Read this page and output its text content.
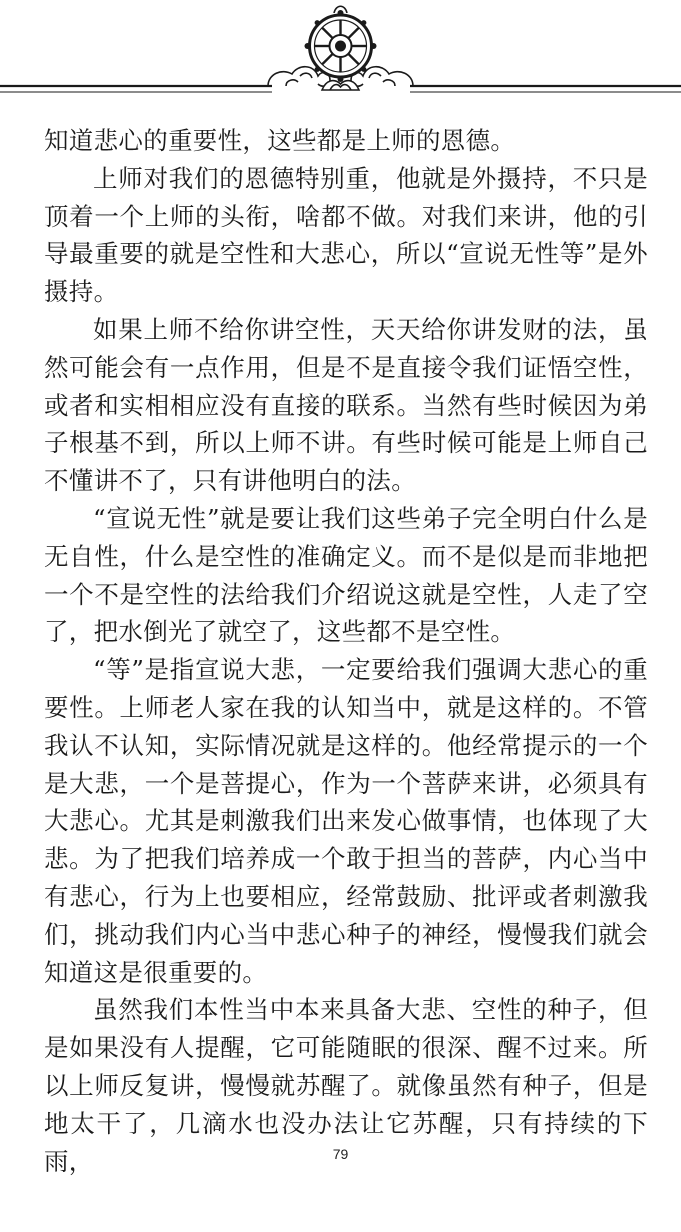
知道悲心的重要性，这些都是上师的恩德。

上师对我们的恩德特别重，他就是外摄持，不只是顶着一个上师的头衔，啥都不做。对我们来讲，他的引导最重要的就是空性和大悲心，所以“宣说无性等”是外摄持。

如果上师不给你讲空性，天天给你讲发财的法，虽然可能会有一点作用，但是不是直接令我们证悟空性，或者和实相相应没有直接的联系。当然有些时候因为弟子根基不到，所以上师不讲。有些时候可能是上师自己不懂讲不了，只有讲他明白的法。

“宣说无性”就是要让我们这些弟子完全明白什么是无自性，什么是空性的准确定义。而不是似是而非地把一个不是空性的法给我们介绍说这就是空性，人走了空了，把水倒光了就空了，这些都不是空性。

“等”是指宣说大悲，一定要给我们强调大悲心的重要性。上师老人家在我的认知当中，就是这样的。不管我认不认知，实际情况就是这样的。他经常提示的一个是大悲，一个是菩提心，作为一个菩萨来讲，必须具有大悲心。尤其是刺激我们出来发心做事情，也体现了大悲。为了把我们培养成一个敢于担当的菩萨，内心当中有悲心，行为上也要相应，经常鼓励、批评或者刺激我们，挑动我们内心当中悲心种子的神经，慢慢我们就会知道这是很重要的。

虽然我们本性当中本来具备大悲、空性的种子，但是如果没有人提醒，它可能随眠的很深、醒不过来。所以上师反复讲，慢慢就苏醒了。就像虽然有种子，但是地太干了，几滴水也没办法让它苏醒，只有持续的下雨，	79
